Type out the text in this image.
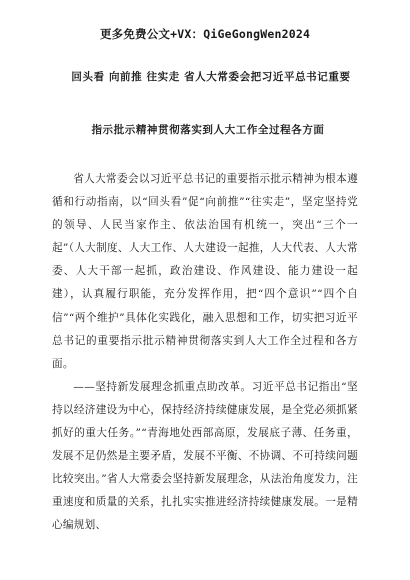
更多免费公文+VX：QiGeGongWen2024
回头看 向前推 往实走 省人大常委会把习近平总书记重要
指示批示精神贯彻落实到人大工作全过程各方面

省人大常委会以习近平总书记的重要指示批示精神为根本遵循和行动指南，以“回头看”促“向前推”“往实走”，坚定坚持党的领导、人民当家作主、依法治国有机统一，突出“三个一起”（人大制度、人大工作、人大建设一起推，人大代表、人大常委、人大干部一起抓，政治建设、作风建设、能力建设一起建），认真履行职能，充分发挥作用，把“四个意识”“四个自信”“两个维护”具体化实践化，融入思想和工作，切实把习近平总书记的重要指示批示精神贯彻落实到人大工作全过程和各方面。

——坚持新发展理念抓重点助改革。习近平总书记指出“坚持以经济建设为中心，保持经济持续健康发展，是全党必须抓紧抓好的重大任务。”“青海地处西部高原，发展底子薄、任务重，发展不足仍然是主要矛盾，发展不平衡、不协调、不可持续问题比较突出。”省人大常委会坚持新发展理念，从法治角度发力，注重速度和质量的关系，扎扎实实推进经济持续健康发展。一是精心编规划、
